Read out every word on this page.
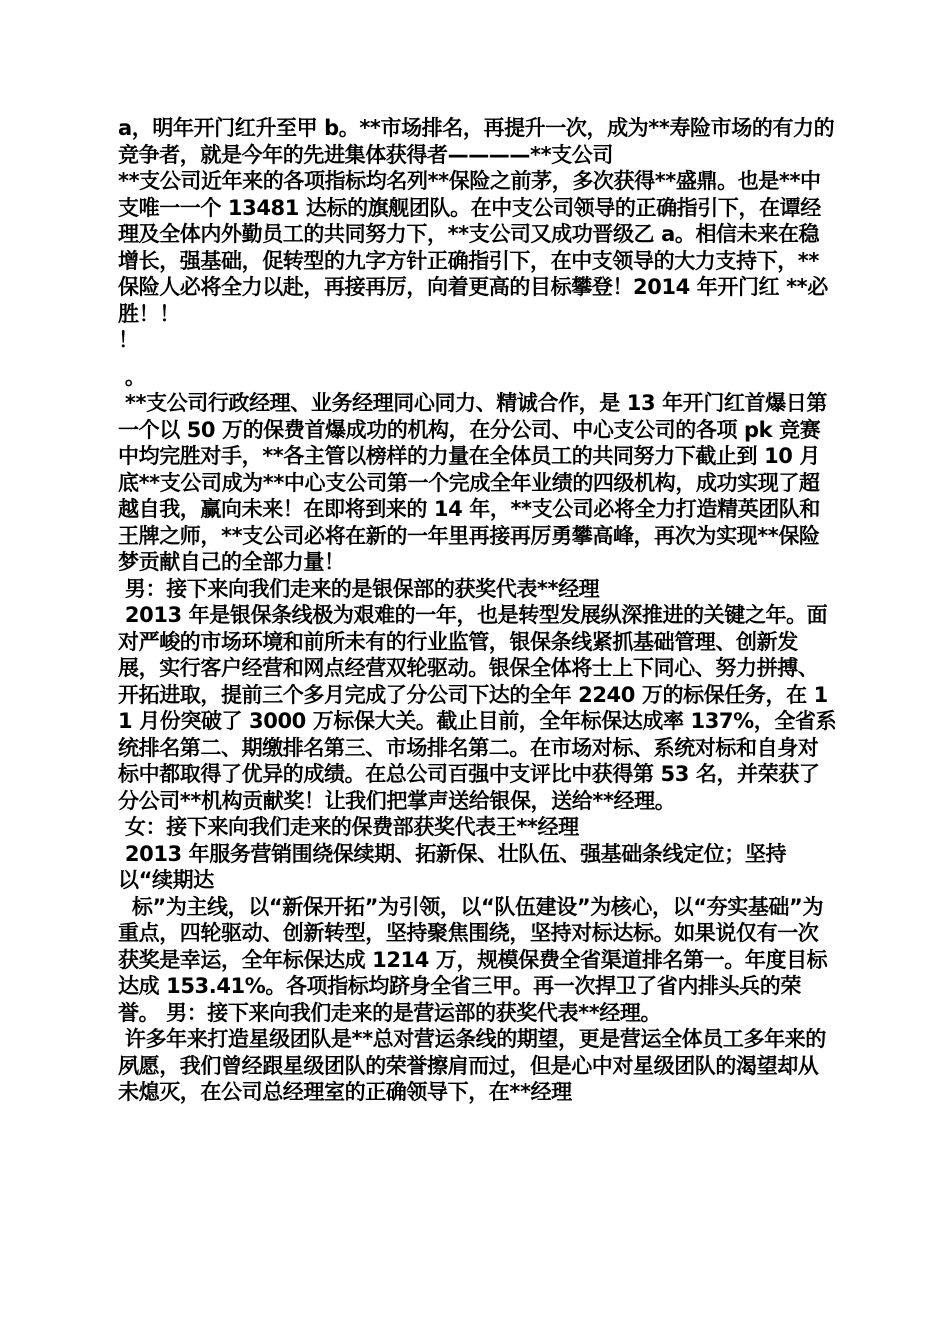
a，明年开门红升至甲 b。**市场排名，再提升一次，成为**寿险市场的有力的竞争者，就是今年的先进集体获得者————**支公司

**支公司近年来的各项指标均名列**保险之前茅，多次获得**盛鼎。也是**中支唯一一个 13481 达标的旗舰团队。在中支公司领导的正确指引下，在谭经理及全体内外勤员工的共同努力下，**支公司又成功晋级乙 a。相信未来在稳增长，强基础，促转型的九字方针正确指引下，在中支领导的大力支持下，**保险人必将全力以赴，再接再厉，向着更高的目标攀登！2014 年开门红 **必胜！！

！

。

**支公司行政经理、业务经理同心同力、精诚合作，是 13 年开门红首爆日第一个以 50 万的保费首爆成功的机构，在分公司、中心支公司的各项 pk 竞赛中均完胜对手，**各主管以榜样的力量在全体员工的共同努力下截止到 10 月底**支公司成为**中心支公司第一个完成全年业绩的四级机构，成功实现了超越自我，赢向未来！在即将到来的 14 年，**支公司必将全力打造精英团队和王牌之师，**支公司必将在新的一年里再接再厉勇攀高峰，再次为实现**保险梦贡献自己的全部力量！

男：接下来向我们走来的是银保部的获奖代表**经理

2013 年是银保条线极为艰难的一年，也是转型发展纵深推进的关键之年。面对严峻的市场环境和前所未有的行业监管，银保条线紧抓基础管理、创新发展，实行客户经营和网点经营双轮驱动。银保全体将士上下同心、努力拼搏、开拓进取，提前三个多月完成了分公司下达的全年 2240 万的标保任务，在 11 月份突破了 3000 万标保大关。截止目前，全年标保达成率 137%，全省系统排名第二、期缴排名第三、市场排名第二。在市场对标、系统对标和自身对标中都取得了优异的成绩。在总公司百强中支评比中获得第 53 名，并荣获了分公司**机构贡献奖！让我们把掌声送给银保，送给**经理。

女：接下来向我们走来的保费部获奖代表王**经理

2013 年服务营销围绕保续期、拓新保、壮队伍、强基础条线定位；坚持以“续期达

标”为主线，以“新保开拓”为引领，以“队伍建设”为核心，以“夯实基础”为重点，四轮驱动、创新转型，坚持聚焦围绕，坚持对标达标。如果说仅有一次获奖是幸运，全年标保达成 1214 万，规模保费全省渠道排名第一。年度目标达成 153.41%。各项指标均跻身全省三甲。再一次捍卫了省内排头兵的荣誉。 男：接下来向我们走来的是营运部的获奖代表**经理。

许多年来打造星级团队是**总对营运条线的期望，更是营运全体员工多年来的夙愿，我们曾经跟星级团队的荣誉擦肩而过，但是心中对星级团队的渴望却从未熄灭，在公司总经理室的正确领导下，在**经理
